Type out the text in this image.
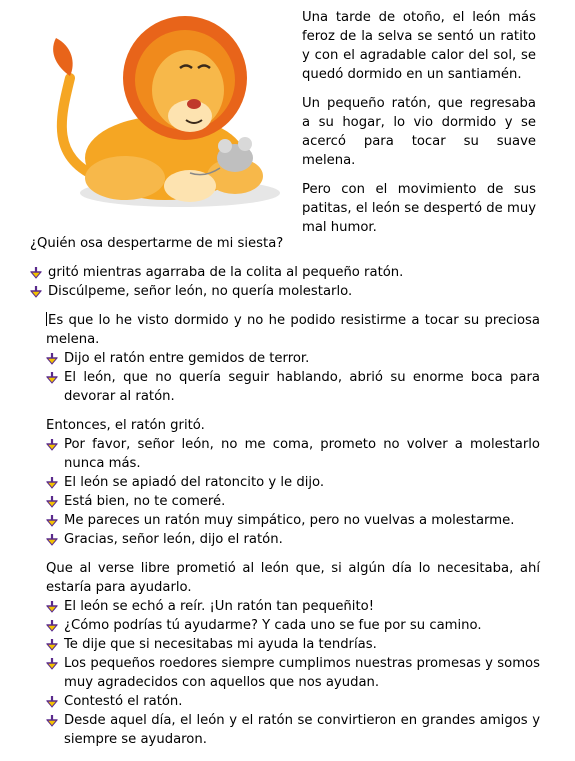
Una tarde de otoño, el león más feroz de la selva se sentó un ratito y con el agradable calor del sol, se quedó dormido en un santiamén.

Un pequeño ratón, que regresaba a su hogar, lo vio dormido y se acercó para tocar su suave melena.

Pero con el movimiento de sus patitas, el león se despertó de muy mal humor.

¿Quién osa despertarme de mi siesta?

gritó mientras agarraba de la colita al pequeño ratón.

Discúlpeme, señor león, no quería molestarlo.

Es que lo he visto dormido y no he podido resistirme a tocar su preciosa melena.

Dijo el ratón entre gemidos de terror.

El león, que no quería seguir hablando, abrió su enorme boca para devorar al ratón.

Entonces, el ratón gritó.

Por favor, señor león, no me coma, prometo no volver a molestarlo nunca más.

El león se apiadó del ratoncito y le dijo.

Está bien, no te comeré.

Me pareces un ratón muy simpático, pero no vuelvas a molestarme.

Gracias, señor león, dijo el ratón.

Que al verse libre prometió al león que, si algún día lo necesitaba, ahí estaría para ayudarlo.

El león se echó a reír. ¡Un ratón tan pequeñito!

¿Cómo podrías tú ayudarme? Y cada uno se fue por su camino.

Te dije que si necesitabas mi ayuda la tendrías.

Los pequeños roedores siempre cumplimos nuestras promesas y somos muy agradecidos con aquellos que nos ayudan.

Contestó el ratón.

Desde aquel día, el león y el ratón se convirtieron en grandes amigos y siempre se ayudaron.
